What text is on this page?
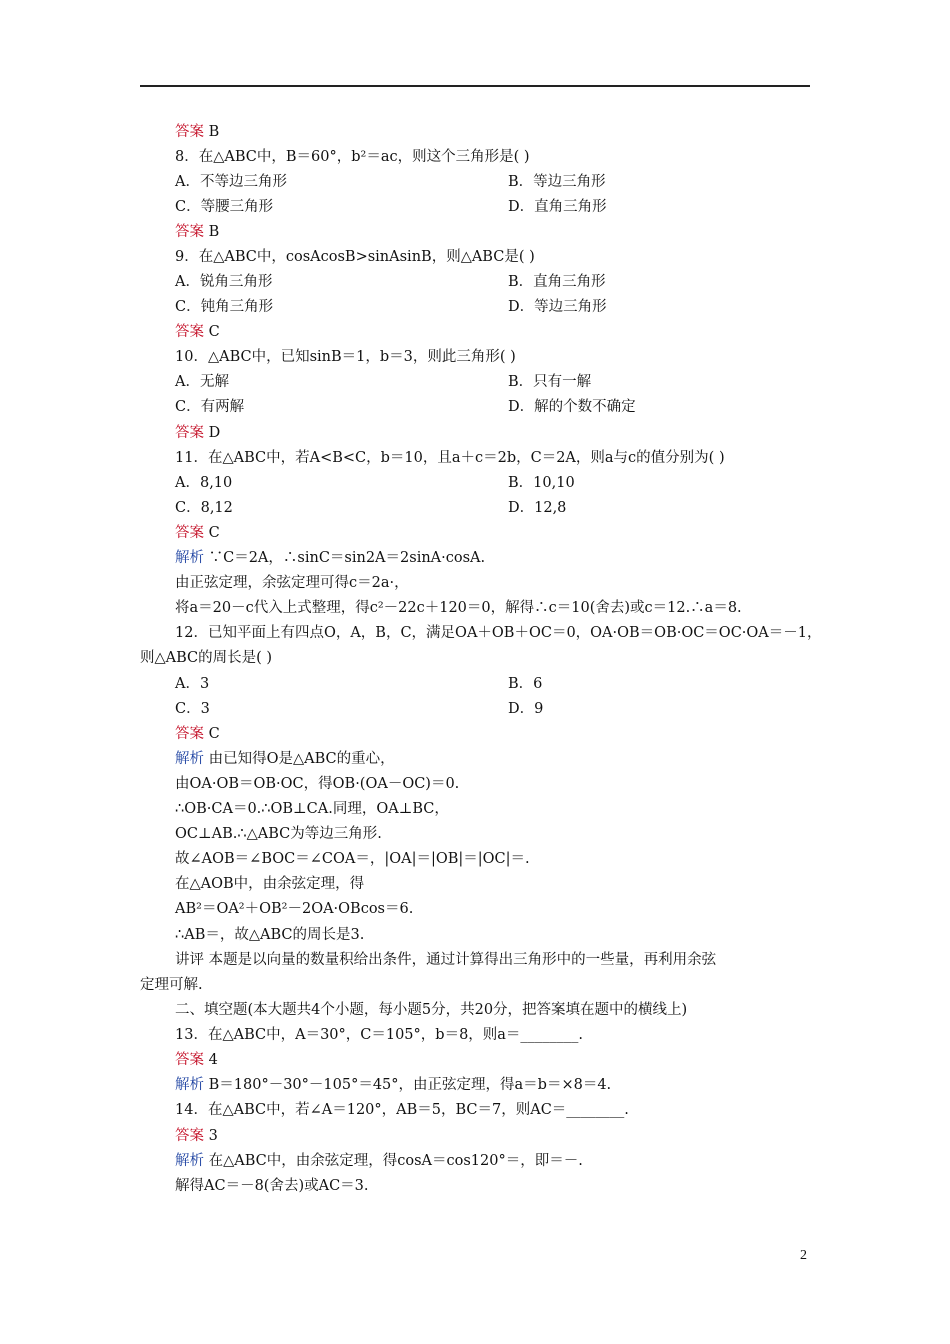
答案 B
8．在△ABC中，B＝60°，b²＝ac，则这个三角形是( )
A．不等边三角形	B．等边三角形
C．等腰三角形	D．直角三角形
答案 B
9．在△ABC中，cosAcosB>sinAsinB，则△ABC是( )
A．锐角三角形	B．直角三角形
C．钝角三角形	D．等边三角形
答案 C
10．△ABC中，已知sinB＝1，b＝3，则此三角形( )
A．无解	B．只有一解
C．有两解	D．解的个数不确定
答案 D
11．在△ABC中，若A<B<C，b＝10，且a＋c＝2b，C＝2A，则a与c的值分别为( )
A．8,10	B．10,10
C．8,12	D．12,8
答案 C
解析 ∵C＝2A，∴sinC＝sin2A＝2sinA·cosA.
由正弦定理，余弦定理可得c＝2a·，
将a＝20－c代入上式整理，得c²－22c＋120＝0，解得∴c＝10(舍去)或c＝12.∴a＝8.
12．已知平面上有四点O，A，B，C，满足OA＋OB＋OC＝0，OA·OB＝OB·OC＝OC·OA＝－1，
则△ABC的周长是( )
A．3	B．6
C．3	D．9
答案 C
解析 由已知得O是△ABC的重心，
由OA·OB＝OB·OC，得OB·(OA－OC)＝0.
∴OB·CA＝0.∴OB⊥CA.同理，OA⊥BC，
OC⊥AB.∴△ABC为等边三角形.
故∠AOB＝∠BOC＝∠COA＝，|OA|＝|OB|＝|OC|＝.
在△AOB中，由余弦定理，得
AB²＝OA²＋OB²－2OA·OBcos＝6.
∴AB＝，故△ABC的周长是3.
讲评 本题是以向量的数量积给出条件，通过计算得出三角形中的一些量，再利用余弦
定理可解.
二、填空题(本大题共4个小题，每小题5分，共20分，把答案填在题中的横线上)
13．在△ABC中，A＝30°，C＝105°，b＝8，则a＝________.
答案 4
解析 B＝180°－30°－105°＝45°，由正弦定理，得a＝b＝×8＝4.
14．在△ABC中，若∠A＝120°，AB＝5，BC＝7，则AC＝________.
答案 3
解析 在△ABC中，由余弦定理，得cosA＝cos120°＝，即＝－.
解得AC＝－8(舍去)或AC＝3.
2
